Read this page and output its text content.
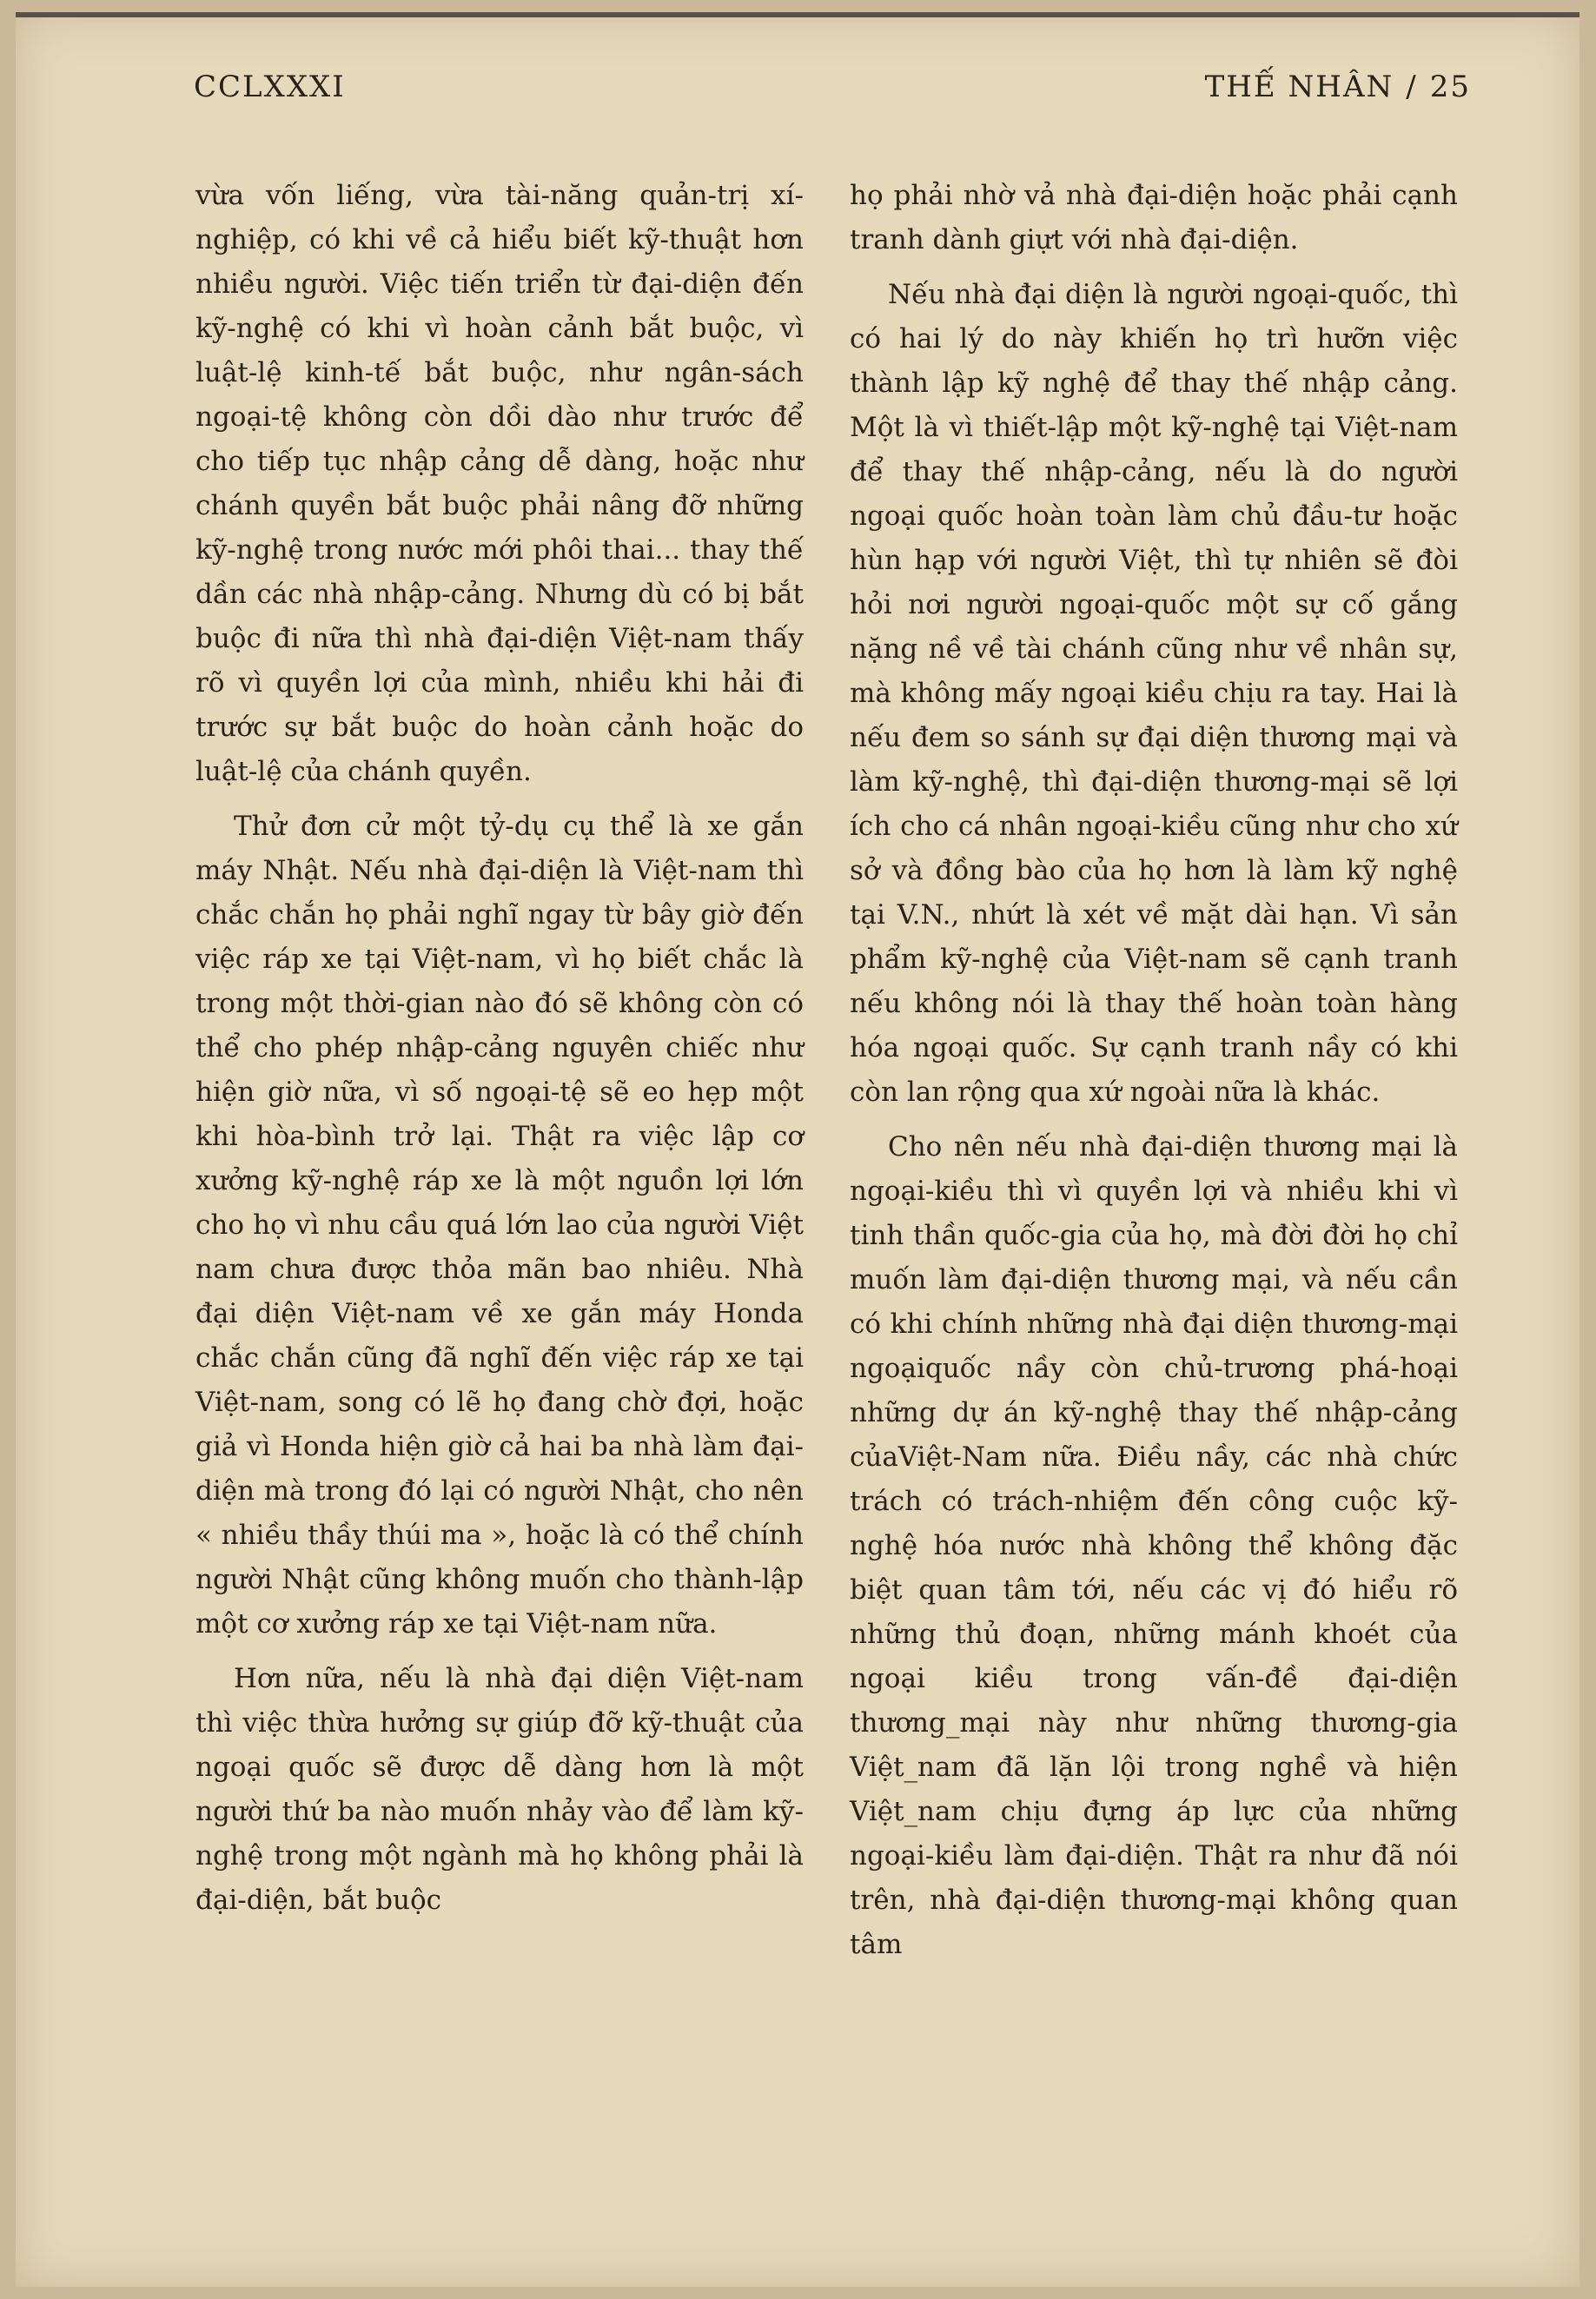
CCLXXXI	THẾ NHÂN / 25

vừa vốn liếng, vừa tài-năng quản-trị xí-nghiệp, có khi về cả hiểu biết kỹ-thuật hơn nhiều người. Việc tiến triển từ đại-diện đến kỹ-nghệ có khi vì hoàn cảnh bắt buộc, vì luật-lệ kinh-tế bắt buộc, như ngân-sách ngoại-tệ không còn dồi dào như trước để cho tiếp tục nhập cảng dễ dàng, hoặc như chánh quyền bắt buộc phải nâng đỡ những kỹ-nghệ trong nước mới phôi thai... thay thế dần các nhà nhập-cảng. Nhưng dù có bị bắt buộc đi nữa thì nhà đại-diện Việt-nam thấy rõ vì quyền lợi của mình, nhiều khi hải đi trước sự bắt buộc do hoàn cảnh hoặc do luật-lệ của chánh quyền.

Thử đơn cử một tỷ-dụ cụ thể là xe gắn máy Nhật. Nếu nhà đại-diện là Việt-nam thì chắc chắn họ phải nghĩ ngay từ bây giờ đến việc ráp xe tại Việt-nam, vì họ biết chắc là trong một thời-gian nào đó sẽ không còn có thể cho phép nhập-cảng nguyên chiếc như hiện giờ nữa, vì số ngoại-tệ sẽ eo hẹp một khi hòa-bình trở lại. Thật ra việc lập cơ xưởng kỹ-nghệ ráp xe là một nguồn lợi lớn cho họ vì nhu cầu quá lớn lao của người Việt nam chưa được thỏa mãn bao nhiêu. Nhà đại diện Việt-nam về xe gắn máy Honda chắc chắn cũng đã nghĩ đến việc ráp xe tại Việt-nam, song có lẽ họ đang chờ đợi, hoặc giả vì Honda hiện giờ cả hai ba nhà làm đại-diện mà trong đó lại có người Nhật, cho nên « nhiều thầy thúi ma », hoặc là có thể chính người Nhật cũng không muốn cho thành-lập một cơ xưởng ráp xe tại Việt-nam nữa.

Hơn nữa, nếu là nhà đại diện Việt-nam thì việc thừa hưởng sự giúp đỡ kỹ-thuật của ngoại quốc sẽ được dễ dàng hơn là một người thứ ba nào muốn nhảy vào để làm kỹ-nghệ trong một ngành mà họ không phải là đại-diện, bắt buộc

họ phải nhờ vả nhà đại-diện hoặc phải cạnh tranh dành giựt với nhà đại-diện.

Nếu nhà đại diện là người ngoại-quốc, thì có hai lý do này khiến họ trì hưỡn việc thành lập kỹ nghệ để thay thế nhập cảng. Một là vì thiết-lập một kỹ-nghệ tại Việt-nam để thay thế nhập-cảng, nếu là do người ngoại quốc hoàn toàn làm chủ đầu-tư hoặc hùn hạp với người Việt, thì tự nhiên sẽ đòi hỏi nơi người ngoại-quốc một sự cố gắng nặng nề về tài chánh cũng như về nhân sự, mà không mấy ngoại kiều chịu ra tay. Hai là nếu đem so sánh sự đại diện thương mại và làm kỹ-nghệ, thì đại-diện thương-mại sẽ lợi ích cho cá nhân ngoại-kiều cũng như cho xứ sở và đồng bào của họ hơn là làm kỹ nghệ tại V.N., nhứt là xét về mặt dài hạn. Vì sản phẩm kỹ-nghệ của Việt-nam sẽ cạnh tranh nếu không nói là thay thế hoàn toàn hàng hóa ngoại quốc. Sự cạnh tranh nầy có khi còn lan rộng qua xứ ngoài nữa là khác.

Cho nên nếu nhà đại-diện thương mại là ngoại-kiều thì vì quyền lợi và nhiều khi vì tinh thần quốc-gia của họ, mà đời đời họ chỉ muốn làm đại-diện thương mại, và nếu cần có khi chính những nhà đại diện thương-mại ngoạiquốc nầy còn chủ-trương phá-hoại những dự án kỹ-nghệ thay thế nhập-cảng củaViệt-Nam nữa. Điều nầy, các nhà chức trách có trách-nhiệm đến công cuộc kỹ-nghệ hóa nước nhà không thể không đặc biệt quan tâm tới, nếu các vị đó hiểu rõ những thủ đoạn, những mánh khoét của ngoại kiều trong vấn-đề đại-diện thương_mại này như những thương-gia Việt_nam đã lặn lội trong nghề và hiện Việt_nam chịu đựng áp lực của những ngoại-kiều làm đại-diện. Thật ra như đã nói trên, nhà đại-diện thương-mại không quan tâm
